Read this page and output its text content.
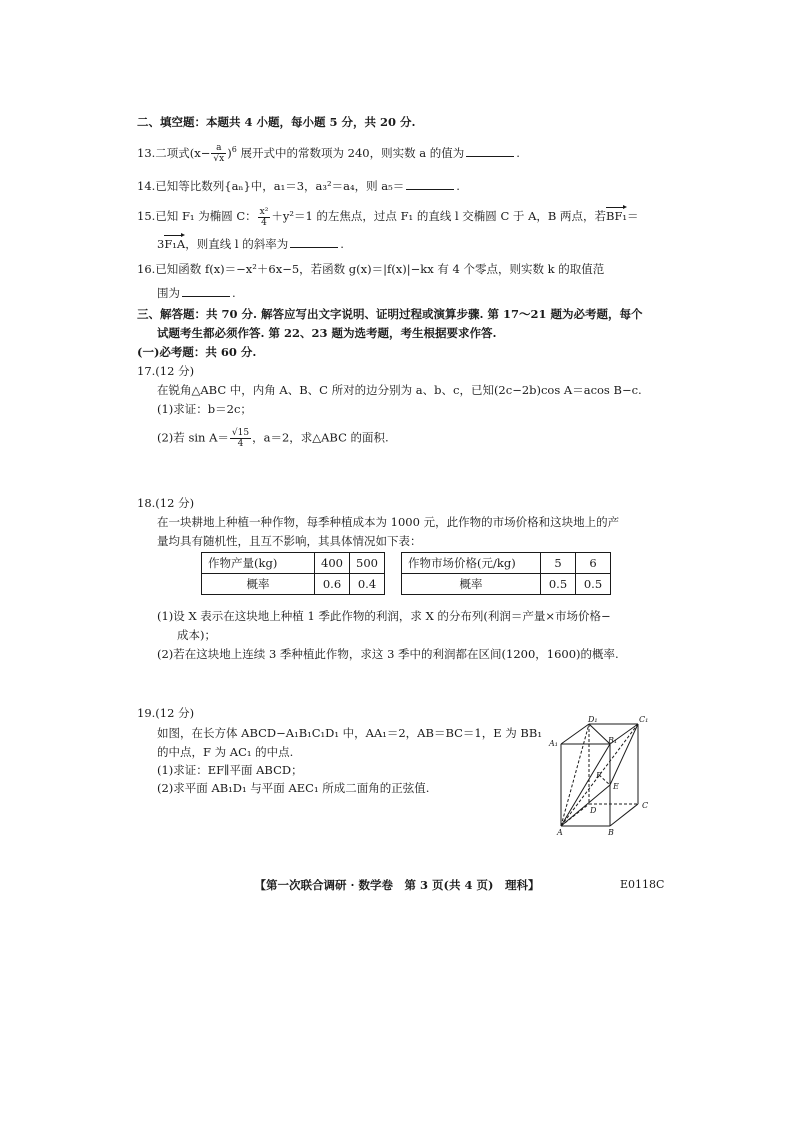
二、填空题：本题共 4 小题，每小题 5 分，共 20 分.
13.二项式$(x- \frac{a}{√x} )^6$ 展开式中的常数项为 240，则实数 a 的值为	.
14.已知等比数列{aₙ}中，a₁＝3，a₃²＝a₄，则 a₅＝	.
15.已知 F₁ 为椭圆 C： $\frac{\text{x²}}{4} +y^2=1$ 的左焦点，过点 F₁ 的直线 l 交椭圆 C 于 A，B 两点，若BF₁＝
3F₁A，则直线 l 的斜率为	.
16.已知函数 f(x)＝−x²＋6x−5，若函数 g(x)＝|f(x)|−kx 有 4 个零点，则实数 k 的取值范
围为	.
三、解答题：共 70 分. 解答应写出文字说明、证明过程或演算步骤. 第 17～21 题为必考题，每个
试题考生都必须作答. 第 22、23 题为选考题，考生根据要求作答.
(一)必考题：共 60 分.
17.(12 分)
在锐角△ABC 中，内角 A、B、C 所对的边分别为 a、b、c，已知(2c−2b)cos A＝acos B−c.
(1)求证：b＝2c；
(2)若 $\sin A= \frac{√15}{4}$ ，a＝2，求△ABC 的面积.
18.(12 分)
在一块耕地上种植一种作物，每季种植成本为 1000 元，此作物的市场价格和这块地上的产
量均具有随机性，且互不影响，其具体情况如下表：
作物产量(kg)	400	500
概率	0.6	0.4
作物市场价格(元/kg)	5	6
概率	0.5	0.5
(1)设 X 表示在这块地上种植 1 季此作物的利润，求 X 的分布列(利润＝产量×市场价格−
成本)；
(2)若在这块地上连续 3 季种植此作物，求这 3 季中的利润都在区间(1200，1600)的概率.
19.(12 分)
如图，在长方体 ABCD−A₁B₁C₁D₁ 中，AA₁＝2，AB＝BC＝1，E 为 BB₁
的中点，F 为 AC₁ 的中点.
(1)求证：EF∥平面 ABCD；
(2)求平面 AB₁D₁ 与平面 AEC₁ 所成二面角的正弦值.
D₁	C₁
A₁	B₁
F
E
D
C
A	B
【第一次联合调研 · 数学卷　第 3 页(共 4 页)　理科】	E0118C
